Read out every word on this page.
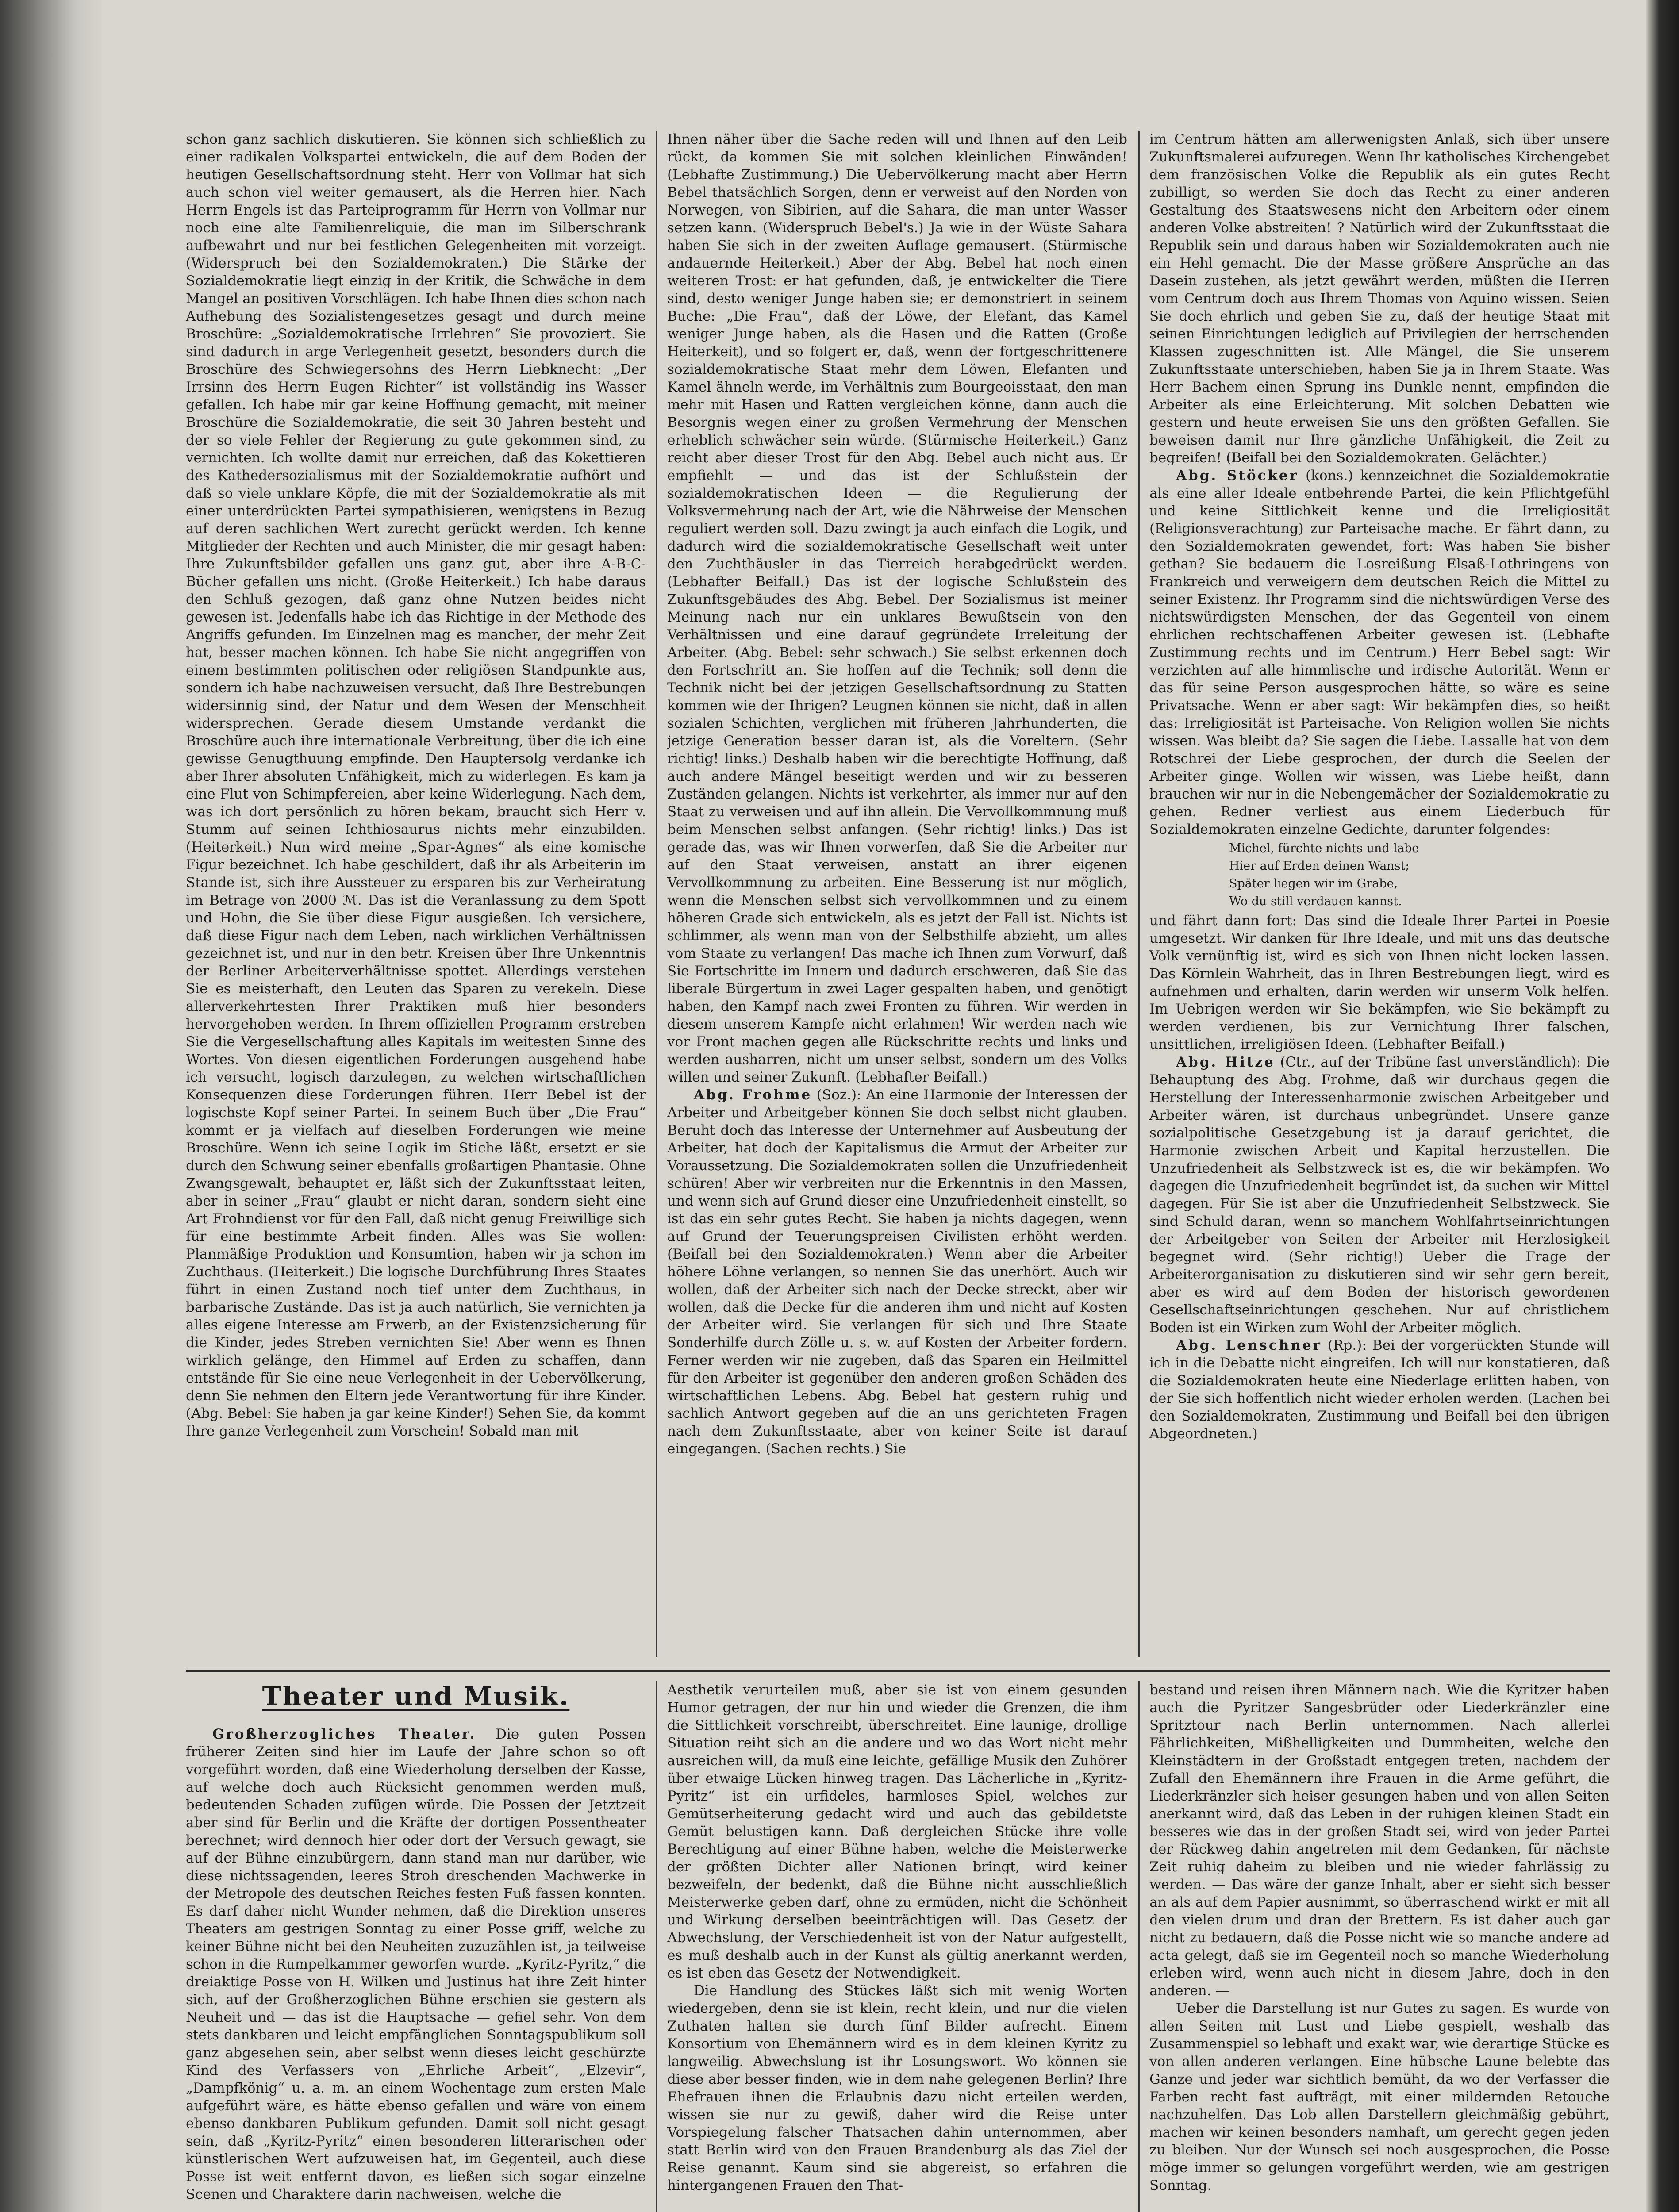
schon ganz sachlich diskutieren. Sie können sich schließlich zu einer radikalen Volkspartei entwickeln, die auf dem Boden der heutigen Gesellschaftsordnung steht. Herr von Vollmar hat sich auch schon viel weiter gemausert, als die Herren hier. Nach Herrn Engels ist das Parteiprogramm für Herrn von Vollmar nur noch eine alte Familienreliquie, die man im Silberschrank aufbewahrt und nur bei festlichen Gelegenheiten mit vorzeigt. (Widerspruch bei den Sozialdemokraten.) Die Stärke der Sozialdemokratie liegt einzig in der Kritik, die Schwäche in dem Mangel an positiven Vorschlägen. Ich habe Ihnen dies schon nach Aufhebung des Sozialistengesetzes gesagt und durch meine Broschüre: „Sozialdemokratische Irrlehren“ Sie provoziert. Sie sind dadurch in arge Verlegenheit gesetzt, besonders durch die Broschüre des Schwiegersohns des Herrn Liebknecht: „Der Irrsinn des Herrn Eugen Richter“ ist vollständig ins Wasser gefallen. Ich habe mir gar keine Hoffnung gemacht, mit meiner Broschüre die Sozialdemokratie, die seit 30 Jahren besteht und der so viele Fehler der Regierung zu gute gekommen sind, zu vernichten. Ich wollte damit nur erreichen, daß das Kokettieren des Kathedersozialismus mit der Sozialdemokratie aufhört und daß so viele unklare Köpfe, die mit der Sozialdemokratie als mit einer unterdrückten Partei sympathisieren, wenigstens in Bezug auf deren sachlichen Wert zurecht gerückt werden. Ich kenne Mitglieder der Rechten und auch Minister, die mir gesagt haben: Ihre Zukunftsbilder gefallen uns ganz gut, aber ihre A-B-C-Bücher gefallen uns nicht. (Große Heiterkeit.) Ich habe daraus den Schluß gezogen, daß ganz ohne Nutzen beides nicht gewesen ist. Jedenfalls habe ich das Richtige in der Methode des Angriffs gefunden. Im Einzelnen mag es mancher, der mehr Zeit hat, besser machen können. Ich habe Sie nicht angegriffen von einem bestimmten politischen oder religiösen Standpunkte aus, sondern ich habe nachzuweisen versucht, daß Ihre Bestrebungen widersinnig sind, der Natur und dem Wesen der Menschheit widersprechen. Gerade diesem Umstande verdankt die Broschüre auch ihre internationale Verbreitung, über die ich eine gewisse Genugthuung empfinde. Den Hauptersolg verdanke ich aber Ihrer absoluten Unfähigkeit, mich zu widerlegen. Es kam ja eine Flut von Schimpfereien, aber keine Widerlegung. Nach dem, was ich dort persönlich zu hören bekam, braucht sich Herr v. Stumm auf seinen Ichthiosaurus nichts mehr einzubilden. (Heiterkeit.) Nun wird meine „Spar-Agnes“ als eine komische Figur bezeichnet. Ich habe geschildert, daß ihr als Arbeiterin im Stande ist, sich ihre Aussteuer zu ersparen bis zur Verheiratung im Betrage von 2000 ℳ. Das ist die Veranlassung zu dem Spott und Hohn, die Sie über diese Figur ausgießen. Ich versichere, daß diese Figur nach dem Leben, nach wirklichen Verhältnissen gezeichnet ist, und nur in den betr. Kreisen über Ihre Unkenntnis der Berliner Arbeiterverhältnisse spottet. Allerdings verstehen Sie es meisterhaft, den Leuten das Sparen zu verekeln. Diese allerverkehrtesten Ihrer Praktiken muß hier besonders hervorgehoben werden. In Ihrem offiziellen Programm erstreben Sie die Vergesellschaftung alles Kapitals im weitesten Sinne des Wortes. Von diesen eigentlichen Forderungen ausgehend habe ich versucht, logisch darzulegen, zu welchen wirtschaftlichen Konsequenzen diese Forderungen führen. Herr Bebel ist der logischste Kopf seiner Partei. In seinem Buch über „Die Frau“ kommt er ja vielfach auf dieselben Forderungen wie meine Broschüre. Wenn ich seine Logik im Stiche läßt, ersetzt er sie durch den Schwung seiner ebenfalls großartigen Phantasie. Ohne Zwangsgewalt, behauptet er, läßt sich der Zukunftsstaat leiten, aber in seiner „Frau“ glaubt er nicht daran, sondern sieht eine Art Frohndienst vor für den Fall, daß nicht genug Freiwillige sich für eine bestimmte Arbeit finden. Alles was Sie wollen: Planmäßige Produktion und Konsumtion, haben wir ja schon im Zuchthaus. (Heiterkeit.) Die logische Durchführung Ihres Staates führt in einen Zustand noch tief unter dem Zuchthaus, in barbarische Zustände. Das ist ja auch natürlich, Sie vernichten ja alles eigene Interesse am Erwerb, an der Existenzsicherung für die Kinder, jedes Streben vernichten Sie! Aber wenn es Ihnen wirklich gelänge, den Himmel auf Erden zu schaffen, dann entstände für Sie eine neue Verlegenheit in der Uebervölkerung, denn Sie nehmen den Eltern jede Verantwortung für ihre Kinder. (Abg. Bebel: Sie haben ja gar keine Kinder!) Sehen Sie, da kommt Ihre ganze Verlegenheit zum Vorschein! Sobald man mit

Ihnen näher über die Sache reden will und Ihnen auf den Leib rückt, da kommen Sie mit solchen kleinlichen Einwänden! (Lebhafte Zustimmung.) Die Uebervölkerung macht aber Herrn Bebel thatsächlich Sorgen, denn er verweist auf den Norden von Norwegen, von Sibirien, auf die Sahara, die man unter Wasser setzen kann. (Widerspruch Bebel's.) Ja wie in der Wüste Sahara haben Sie sich in der zweiten Auflage gemausert. (Stürmische andauernde Heiterkeit.) Aber der Abg. Bebel hat noch einen weiteren Trost: er hat gefunden, daß, je entwickelter die Tiere sind, desto weniger Junge haben sie; er demonstriert in seinem Buche: „Die Frau“, daß der Löwe, der Elefant, das Kamel weniger Junge haben, als die Hasen und die Ratten (Große Heiterkeit), und so folgert er, daß, wenn der fortgeschrittenere sozialdemokratische Staat mehr dem Löwen, Elefanten und Kamel ähneln werde, im Verhältnis zum Bourgeoisstaat, den man mehr mit Hasen und Ratten vergleichen könne, dann auch die Besorgnis wegen einer zu großen Vermehrung der Menschen erheblich schwächer sein würde. (Stürmische Heiterkeit.) Ganz reicht aber dieser Trost für den Abg. Bebel auch nicht aus. Er empfiehlt — und das ist der Schlußstein der sozialdemokratischen Ideen — die Regulierung der Volksvermehrung nach der Art, wie die Nährweise der Menschen reguliert werden soll. Dazu zwingt ja auch einfach die Logik, und dadurch wird die sozialdemokratische Gesellschaft weit unter den Zuchthäusler in das Tierreich herabgedrückt werden. (Lebhafter Beifall.) Das ist der logische Schlußstein des Zukunftsgebäudes des Abg. Bebel. Der Sozialismus ist meiner Meinung nach nur ein unklares Bewußtsein von den Verhältnissen und eine darauf gegründete Irreleitung der Arbeiter. (Abg. Bebel: sehr schwach.) Sie selbst erkennen doch den Fortschritt an. Sie hoffen auf die Technik; soll denn die Technik nicht bei der jetzigen Gesellschaftsordnung zu Statten kommen wie der Ihrigen? Leugnen können sie nicht, daß in allen sozialen Schichten, verglichen mit früheren Jahrhunderten, die jetzige Generation besser daran ist, als die Voreltern. (Sehr richtig! links.) Deshalb haben wir die berechtigte Hoffnung, daß auch andere Mängel beseitigt werden und wir zu besseren Zuständen gelangen. Nichts ist verkehrter, als immer nur auf den Staat zu verweisen und auf ihn allein. Die Vervollkommnung muß beim Menschen selbst anfangen. (Sehr richtig! links.) Das ist gerade das, was wir Ihnen vorwerfen, daß Sie die Arbeiter nur auf den Staat verweisen, anstatt an ihrer eigenen Vervollkommnung zu arbeiten. Eine Besserung ist nur möglich, wenn die Menschen selbst sich vervollkommnen und zu einem höheren Grade sich entwickeln, als es jetzt der Fall ist. Nichts ist schlimmer, als wenn man von der Selbsthilfe abzieht, um alles vom Staate zu verlangen! Das mache ich Ihnen zum Vorwurf, daß Sie Fortschritte im Innern und dadurch erschweren, daß Sie das liberale Bürgertum in zwei Lager gespalten haben, und genötigt haben, den Kampf nach zwei Fronten zu führen. Wir werden in diesem unserem Kampfe nicht erlahmen! Wir werden nach wie vor Front machen gegen alle Rückschritte rechts und links und werden ausharren, nicht um unser selbst, sondern um des Volks willen und seiner Zukunft. (Lebhafter Beifall.)

Abg. Frohme (Soz.): An eine Harmonie der Interessen der Arbeiter und Arbeitgeber können Sie doch selbst nicht glauben. Beruht doch das Interesse der Unternehmer auf Ausbeutung der Arbeiter, hat doch der Kapitalismus die Armut der Arbeiter zur Voraussetzung. Die Sozialdemokraten sollen die Unzufriedenheit schüren! Aber wir verbreiten nur die Erkenntnis in den Massen, und wenn sich auf Grund dieser eine Unzufriedenheit einstellt, so ist das ein sehr gutes Recht. Sie haben ja nichts dagegen, wenn auf Grund der Teuerungspreisen Civilisten erhöht werden. (Beifall bei den Sozialdemokraten.) Wenn aber die Arbeiter höhere Löhne verlangen, so nennen Sie das unerhört. Auch wir wollen, daß der Arbeiter sich nach der Decke streckt, aber wir wollen, daß die Decke für die anderen ihm und nicht auf Kosten der Arbeiter wird. Sie verlangen für sich und Ihre Staate Sonderhilfe durch Zölle u. s. w. auf Kosten der Arbeiter fordern. Ferner werden wir nie zugeben, daß das Sparen ein Heilmittel für den Arbeiter ist gegenüber den anderen großen Schäden des wirtschaftlichen Lebens. Abg. Bebel hat gestern ruhig und sachlich Antwort gegeben auf die an uns gerichteten Fragen nach dem Zukunftsstaate, aber von keiner Seite ist darauf eingegangen. (Sachen rechts.) Sie

im Centrum hätten am allerwenigsten Anlaß, sich über unsere Zukunftsmalerei aufzuregen. Wenn Ihr katholisches Kirchengebet dem französischen Volke die Republik als ein gutes Recht zubilligt, so werden Sie doch das Recht zu einer anderen Gestaltung des Staatswesens nicht den Arbeitern oder einem anderen Volke abstreiten! ? Natürlich wird der Zukunftsstaat die Republik sein und daraus haben wir Sozialdemokraten auch nie ein Hehl gemacht. Die der Masse größere Ansprüche an das Dasein zustehen, als jetzt gewährt werden, müßten die Herren vom Centrum doch aus Ihrem Thomas von Aquino wissen. Seien Sie doch ehrlich und geben Sie zu, daß der heutige Staat mit seinen Einrichtungen lediglich auf Privilegien der herrschenden Klassen zugeschnitten ist. Alle Mängel, die Sie unserem Zukunftsstaate unterschieben, haben Sie ja in Ihrem Staate. Was Herr Bachem einen Sprung ins Dunkle nennt, empfinden die Arbeiter als eine Erleichterung. Mit solchen Debatten wie gestern und heute erweisen Sie uns den größten Gefallen. Sie beweisen damit nur Ihre gänzliche Unfähigkeit, die Zeit zu begreifen! (Beifall bei den Sozialdemokraten. Gelächter.)

Abg. Stöcker (kons.) kennzeichnet die Sozialdemokratie als eine aller Ideale entbehrende Partei, die kein Pflichtgefühl und keine Sittlichkeit kenne und die Irreligiosität (Religionsverachtung) zur Parteisache mache. Er fährt dann, zu den Sozialdemokraten gewendet, fort: Was haben Sie bisher gethan? Sie bedauern die Losreißung Elsaß-Lothringens von Frankreich und verweigern dem deutschen Reich die Mittel zu seiner Existenz. Ihr Programm sind die nichtswürdigen Verse des nichtswürdigsten Menschen, der das Gegenteil von einem ehrlichen rechtschaffenen Arbeiter gewesen ist. (Lebhafte Zustimmung rechts und im Centrum.) Herr Bebel sagt: Wir verzichten auf alle himmlische und irdische Autorität. Wenn er das für seine Person ausgesprochen hätte, so wäre es seine Privatsache. Wenn er aber sagt: Wir bekämpfen dies, so heißt das: Irreligiosität ist Parteisache. Von Religion wollen Sie nichts wissen. Was bleibt da? Sie sagen die Liebe. Lassalle hat von dem Rotschrei der Liebe gesprochen, der durch die Seelen der Arbeiter ginge. Wollen wir wissen, was Liebe heißt, dann brauchen wir nur in die Nebengemächer der Sozialdemokratie zu gehen. Redner verliest aus einem Liederbuch für Sozialdemokraten einzelne Gedichte, darunter folgendes:

Michel, fürchte nichts und labe

Hier auf Erden deinen Wanst;

Später liegen wir im Grabe,

Wo du still verdauen kannst.

und fährt dann fort: Das sind die Ideale Ihrer Partei in Poesie umgesetzt. Wir danken für Ihre Ideale, und mit uns das deutsche Volk vernünftig ist, wird es sich von Ihnen nicht locken lassen. Das Körnlein Wahrheit, das in Ihren Bestrebungen liegt, wird es aufnehmen und erhalten, darin werden wir unserm Volk helfen. Im Uebrigen werden wir Sie bekämpfen, wie Sie bekämpft zu werden verdienen, bis zur Vernichtung Ihrer falschen, unsittlichen, irreligiösen Ideen. (Lebhafter Beifall.)

Abg. Hitze (Ctr., auf der Tribüne fast unverständlich): Die Behauptung des Abg. Frohme, daß wir durchaus gegen die Herstellung der Interessenharmonie zwischen Arbeitgeber und Arbeiter wären, ist durchaus unbegründet. Unsere ganze sozialpolitische Gesetzgebung ist ja darauf gerichtet, die Harmonie zwischen Arbeit und Kapital herzustellen. Die Unzufriedenheit als Selbstzweck ist es, die wir bekämpfen. Wo dagegen die Unzufriedenheit begründet ist, da suchen wir Mittel dagegen. Für Sie ist aber die Unzufriedenheit Selbstzweck. Sie sind Schuld daran, wenn so manchem Wohlfahrtseinrichtungen der Arbeitgeber von Seiten der Arbeiter mit Herzlosigkeit begegnet wird. (Sehr richtig!) Ueber die Frage der Arbeiterorganisation zu diskutieren sind wir sehr gern bereit, aber es wird auf dem Boden der historisch gewordenen Gesellschaftseinrichtungen geschehen. Nur auf christlichem Boden ist ein Wirken zum Wohl der Arbeiter möglich.

Abg. Lenschner (Rp.): Bei der vorgerückten Stunde will ich in die Debatte nicht eingreifen. Ich will nur konstatieren, daß die Sozialdemokraten heute eine Niederlage erlitten haben, von der Sie sich hoffentlich nicht wieder erholen werden. (Lachen bei den Sozialdemokraten, Zustimmung und Beifall bei den übrigen Abgeordneten.)

Theater und Musik.

Großherzogliches Theater. Die guten Possen früherer Zeiten sind hier im Laufe der Jahre schon so oft vorgeführt worden, daß eine Wiederholung derselben der Kasse, auf welche doch auch Rücksicht genommen werden muß, bedeutenden Schaden zufügen würde. Die Possen der Jetztzeit aber sind für Berlin und die Kräfte der dortigen Possentheater berechnet; wird dennoch hier oder dort der Versuch gewagt, sie auf der Bühne einzubürgern, dann stand man nur darüber, wie diese nichtssagenden, leeres Stroh dreschenden Machwerke in der Metropole des deutschen Reiches festen Fuß fassen konnten. Es darf daher nicht Wunder nehmen, daß die Direktion unseres Theaters am gestrigen Sonntag zu einer Posse griff, welche zu keiner Bühne nicht bei den Neuheiten zuzuzählen ist, ja teilweise schon in die Rumpelkammer geworfen wurde. „Kyritz-Pyritz,“ die dreiaktige Posse von H. Wilken und Justinus hat ihre Zeit hinter sich, auf der Großherzoglichen Bühne erschien sie gestern als Neuheit und — das ist die Hauptsache — gefiel sehr. Von dem stets dankbaren und leicht empfänglichen Sonntagspublikum soll ganz abgesehen sein, aber selbst wenn dieses leicht geschürzte Kind des Verfassers von „Ehrliche Arbeit“, „Elzevir“, „Dampfkönig“ u. a. m. an einem Wochentage zum ersten Male aufgeführt wäre, es hätte ebenso gefallen und wäre von einem ebenso dankbaren Publikum gefunden. Damit soll nicht gesagt sein, daß „Kyritz-Pyritz“ einen besonderen litterarischen oder künstlerischen Wert aufzuweisen hat, im Gegenteil, auch diese Posse ist weit entfernt davon, es ließen sich sogar einzelne Scenen und Charaktere darin nachweisen, welche die

Aesthetik verurteilen muß, aber sie ist von einem gesunden Humor getragen, der nur hin und wieder die Grenzen, die ihm die Sittlichkeit vorschreibt, überschreitet. Eine launige, drollige Situation reiht sich an die andere und wo das Wort nicht mehr ausreichen will, da muß eine leichte, gefällige Musik den Zuhörer über etwaige Lücken hinweg tragen. Das Lächerliche in „Kyritz-Pyritz“ ist ein urfideles, harmloses Spiel, welches zur Gemütserheiterung gedacht wird und auch das gebildetste Gemüt belustigen kann. Daß dergleichen Stücke ihre volle Berechtigung auf einer Bühne haben, welche die Meisterwerke der größten Dichter aller Nationen bringt, wird keiner bezweifeln, der bedenkt, daß die Bühne nicht ausschließlich Meisterwerke geben darf, ohne zu ermüden, nicht die Schönheit und Wirkung derselben beeinträchtigen will. Das Gesetz der Abwechslung, der Verschiedenheit ist von der Natur aufgestellt, es muß deshalb auch in der Kunst als gültig anerkannt werden, es ist eben das Gesetz der Notwendigkeit.

Die Handlung des Stückes läßt sich mit wenig Worten wiedergeben, denn sie ist klein, recht klein, und nur die vielen Zuthaten halten sie durch fünf Bilder aufrecht. Einem Konsortium von Ehemännern wird es in dem kleinen Kyritz zu langweilig. Abwechslung ist ihr Losungswort. Wo können sie diese aber besser finden, wie in dem nahe gelegenen Berlin? Ihre Ehefrauen ihnen die Erlaubnis dazu nicht erteilen werden, wissen sie nur zu gewiß, daher wird die Reise unter Vorspiegelung falscher Thatsachen dahin unternommen, aber statt Berlin wird von den Frauen Brandenburg als das Ziel der Reise genannt. Kaum sind sie abgereist, so erfahren die hintergangenen Frauen den That-

bestand und reisen ihren Männern nach. Wie die Kyritzer haben auch die Pyritzer Sangesbrüder oder Liederkränzler eine Spritztour nach Berlin unternommen. Nach allerlei Fährlichkeiten, Mißhelligkeiten und Dummheiten, welche den Kleinstädtern in der Großstadt entgegen treten, nachdem der Zufall den Ehemännern ihre Frauen in die Arme geführt, die Liederkränzler sich heiser gesungen haben und von allen Seiten anerkannt wird, daß das Leben in der ruhigen kleinen Stadt ein besseres wie das in der großen Stadt sei, wird von jeder Partei der Rückweg dahin angetreten mit dem Gedanken, für nächste Zeit ruhig daheim zu bleiben und nie wieder fahrlässig zu werden. — Das wäre der ganze Inhalt, aber er sieht sich besser an als auf dem Papier ausnimmt, so überraschend wirkt er mit all den vielen drum und dran der Brettern. Es ist daher auch gar nicht zu bedauern, daß die Posse nicht wie so manche andere ad acta gelegt, daß sie im Gegenteil noch so manche Wiederholung erleben wird, wenn auch nicht in diesem Jahre, doch in den anderen. —

Ueber die Darstellung ist nur Gutes zu sagen. Es wurde von allen Seiten mit Lust und Liebe gespielt, weshalb das Zusammenspiel so lebhaft und exakt war, wie derartige Stücke es von allen anderen verlangen. Eine hübsche Laune belebte das Ganze und jeder war sichtlich bemüht, da wo der Verfasser die Farben recht fast aufträgt, mit einer mildernden Retouche nachzuhelfen. Das Lob allen Darstellern gleichmäßig gebührt, machen wir keinen besonders namhaft, um gerecht gegen jeden zu bleiben. Nur der Wunsch sei noch ausgesprochen, die Posse möge immer so gelungen vorgeführt werden, wie am gestrigen Sonntag.
